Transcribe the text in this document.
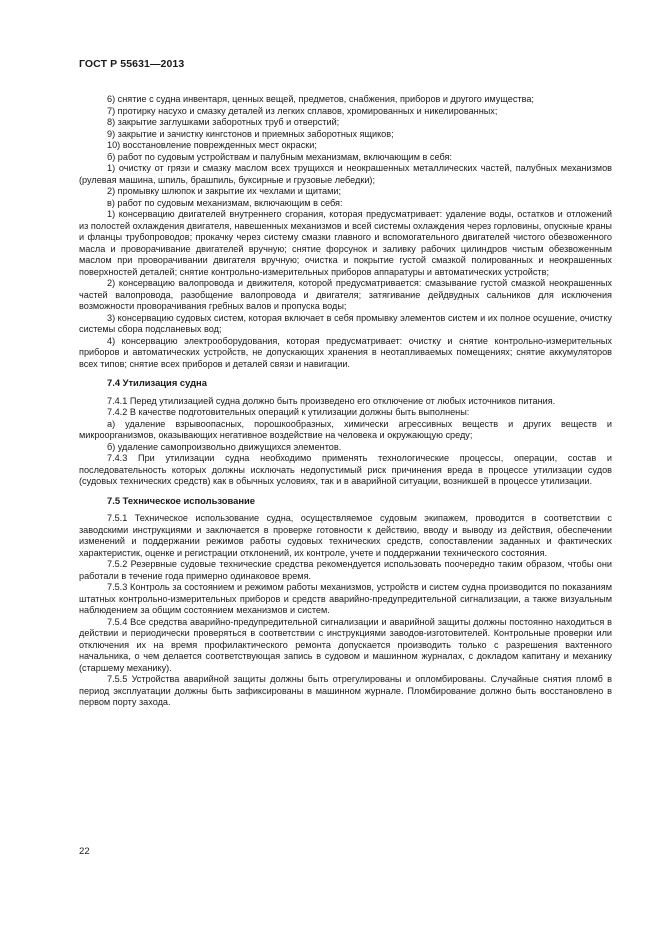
ГОСТ Р 55631—2013

6) снятие с судна инвентаря, ценных вещей, предметов, снабжения, приборов и другого имущества;

7) протирку насухо и смазку деталей из легких сплавов, хромированных и никелированных;

8) закрытие заглушками заборотных труб и отверстий;

9) закрытие и зачистку кингстонов и приемных заборотных ящиков;

10) восстановление поврежденных мест окраски;

б) работ по судовым устройствам и палубным механизмам, включающим в себя:

1) очистку от грязи и смазку маслом всех трущихся и неокрашенных металлических частей, палубных механизмов (рулевая машина, шпиль, брашпиль, буксирные и грузовые лебедки);

2) промывку шлюпок и закрытие их чехлами и щитами;

в) работ по судовым механизмам, включающим в себя:

1) консервацию двигателей внутреннего сгорания, которая предусматривает: удаление воды, остатков и отложений из полостей охлаждения двигателя, навешенных механизмов и всей системы охлаждения через горловины, опускные краны и фланцы трубопроводов; прокачку через систему смазки главного и вспомогательного двигателей чистого обезвоженного масла и проворачивание двигателей вручную; снятие форсунок и заливку рабочих цилиндров чистым обезвоженным маслом при проворачивании двигателя вручную; очистка и покрытие густой смазкой полированных и неокрашенных поверхностей деталей; снятие контрольно-измерительных приборов аппаратуры и автоматических устройств;

2) консервацию валопровода и движителя, которой предусматривается: смазывание густой смазкой неокрашенных частей валопровода, разобщение валопровода и двигателя; затягивание дейдвудных сальников для исключения возможности проворачивания гребных валов и пропуска воды;

3) консервацию судовых систем, которая включает в себя промывку элементов систем и их полное осушение, очистку системы сбора подсланевых вод;

4) консервацию электрооборудования, которая предусматривает: очистку и снятие контрольно-измерительных приборов и автоматических устройств, не допускающих хранения в неотапливаемых помещениях; снятие аккумуляторов всех типов; снятие всех приборов и деталей связи и навигации.

7.4 Утилизация судна

7.4.1 Перед утилизацией судна должно быть произведено его отключение от любых источников питания.

7.4.2 В качестве подготовительных операций к утилизации должны быть выполнены:

а) удаление взрывоопасных, порошкообразных, химически агрессивных веществ и других веществ и микроорганизмов, оказывающих негативное воздействие на человека и окружающую среду;

б) удаление самопроизвольно движущихся элементов.

7.4.3 При утилизации судна необходимо применять технологические процессы, операции, состав и последовательность которых должны исключать недопустимый риск причинения вреда в процессе утилизации судов (судовых технических средств) как в обычных условиях, так и в аварийной ситуации, возникшей в процессе утилизации.

7.5 Техническое использование

7.5.1 Техническое использование судна, осуществляемое судовым экипажем, проводится в соответствии с заводскими инструкциями и заключается в проверке готовности к действию, вводу и выводу из действия, обеспечении изменений и поддержании режимов работы судовых технических средств, сопоставлении заданных и фактических характеристик, оценке и регистрации отклонений, их контроле, учете и поддержании технического состояния.

7.5.2 Резервные судовые технические средства рекомендуется использовать поочередно таким образом, чтобы они работали в течение года примерно одинаковое время.

7.5.3 Контроль за состоянием и режимом работы механизмов, устройств и систем судна производится по показаниям штатных контрольно-измерительных приборов и средств аварийно-предупредительной сигнализации, а также визуальным наблюдением за общим состоянием механизмов и систем.

7.5.4 Все средства аварийно-предупредительной сигнализации и аварийной защиты должны постоянно находиться в действии и периодически проверяться в соответствии с инструкциями заводов-изготовителей. Контрольные проверки или отключения их на время профилактического ремонта допускается производить только с разрешения вахтенного начальника, о чем делается соответствующая запись в судовом и машинном журналах, с докладом капитану и механику (старшему механику).

7.5.5 Устройства аварийной защиты должны быть отрегулированы и опломбированы. Случайные снятия пломб в период эксплуатации должны быть зафиксированы в машинном журнале. Пломбирование должно быть восстановлено в первом порту захода.

22
